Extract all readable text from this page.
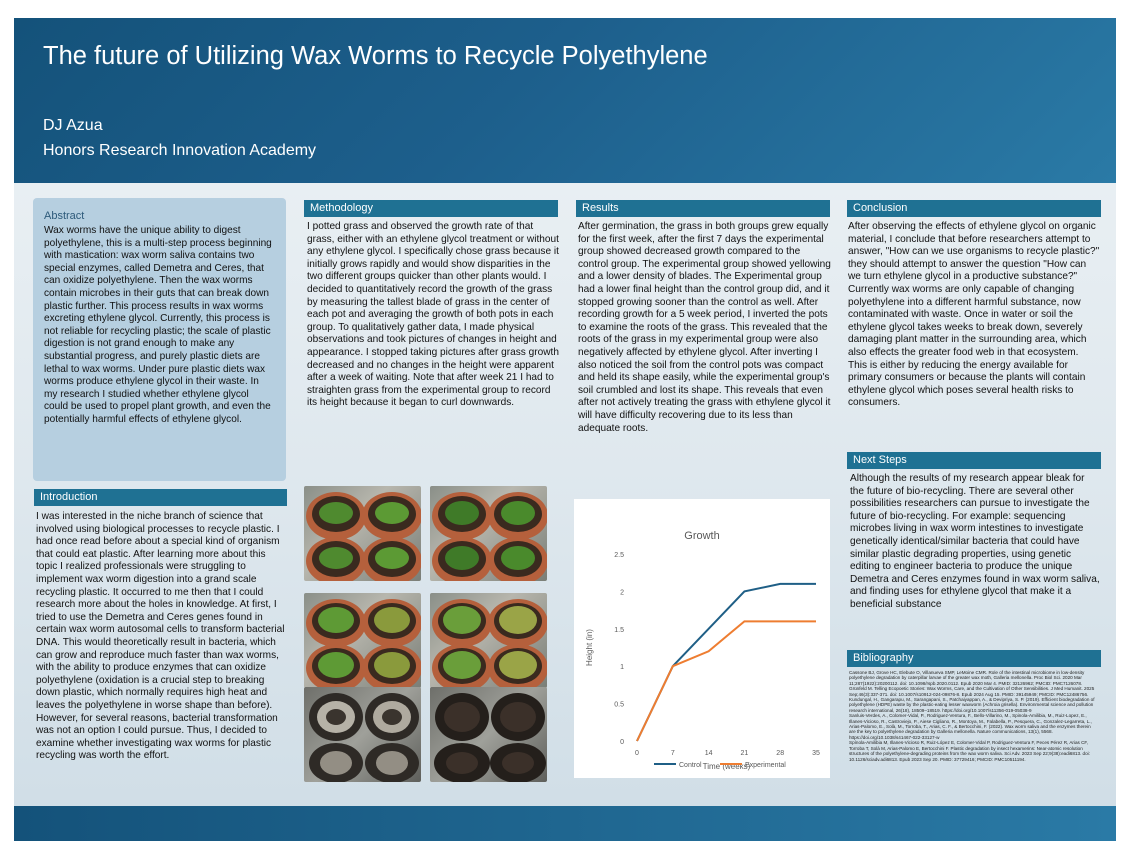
The future of Utilizing Wax Worms to Recycle Polyethylene
DJ Azua
Honors Research Innovation Academy
Abstract
Wax worms have the unique ability to digest polyethylene, this is a multi-step process beginning with mastication: wax worm saliva contains two special enzymes, called Demetra and Ceres, that can oxidize polyethylene. Then the wax worms contain microbes in their guts that can break down plastic further. This process results in wax worms excreting ethylene glycol. Currently, this process is not reliable for recycling plastic; the scale of plastic digestion is not grand enough to make any substantial progress, and purely plastic diets are lethal to wax worms. Under pure plastic diets wax worms produce ethylene glycol in their waste. In my research I studied whether ethylene glycol could be used to propel plant growth, and even the potentially harmful effects of ethylene glycol.
Methodology
I potted grass and observed the growth rate of that grass, either with an ethylene glycol treatment or without any ethylene glycol. I specifically chose grass because it initially grows rapidly and would show disparities in the two different groups quicker than other plants would. I decided to quantitatively record the growth of the grass by measuring the tallest blade of grass in the center of each pot and averaging the growth of both pots in each group. To qualitatively gather data, I made physical observations and took pictures of changes in height and appearance. I stopped taking pictures after grass growth decreased and no changes in the height were apparent after a week of waiting. Note that after week 21 I had to straighten grass from the experimental group to record its height because it began to curl downwards.
Results
After germination, the grass in both groups grew equally for the first week, after the first 7 days the experimental group showed decreased growth compared to the control group. The experimental group showed yellowing and a lower density of blades. The Experimental group had a lower final height than the control group did, and it stopped growing sooner than the control as well. After recording growth for a 5 week period, I inverted the pots to examine the roots of the grass. This revealed that the roots of the grass in my experimental group were also negatively affected by ethylene glycol. After inverting I also noticed the soil from the control pots was compact and held its shape easily, while the experimental group's soil crumbled and lost its shape. This reveals that even after not actively treating the grass with ethylene glycol it will have difficulty recovering due to its less than adequate roots.
Conclusion
After observing the effects of ethylene glycol on organic material, I conclude that before researchers attempt to answer, "How can we use organisms to recycle plastic?" they should attempt to answer the question "How can we turn ethylene glycol in a productive substance?" Currently wax worms are only capable of changing polyethylene into a different harmful substance, now contaminated with waste. Once in water or soil the ethylene glycol takes weeks to break down, severely damaging plant matter in the surrounding area, which also effects the greater food web in that ecosystem. This is either by reducing the energy available for primary consumers or because the plants will contain ethylene glycol which poses several health risks to consumers.
Introduction
I was interested in the niche branch of science that involved using biological processes to recycle plastic. I had once read before about a special kind of organism that could eat plastic. After learning more about this topic I realized professionals were struggling to implement wax worm digestion into a grand scale recycling plastic. It occurred to me then that I could research more about the holes in knowledge. At first, I tried to use the Demetra and Ceres genes found in certain wax worm autosomal cells to transform bacterial DNA. This would theoretically result in bacteria, which can grow and reproduce much faster than wax worms, with the ability to produce enzymes that can oxidize polyethylene (oxidation is a crucial step to breaking down plastic, which normally requires high heat and leaves the polyethylene in worse shape than before). However, for several reasons, bacterial transformation was not an option I could pursue. Thus, I decided to examine whether investigating wax worms for plastic recycling was worth the effort.
Next Steps
Although the results of my research appear bleak for the future of bio-recycling. There are several other possibilities researchers can pursue to investigate the future of bio-recycling. For example: sequencing microbes living in wax worm intestines to investigate genetically identical/similar bacteria that could have similar plastic degrading properties, using genetic editing to engineer bacteria to produce the unique Demetra and Ceres enzymes found in wax worm saliva, and finding uses for ethylene glycol that make it a beneficial substance
Bibliography
Cassone BJ, Grove HC, Elebute O, Villanueva SMP, LeMoine CMR. Role of the intestinal microbiome in low-density polyethylene degradation by caterpillar larvae of the greater wax moth, Galleria mellonella. Proc Biol Sci. 2020 Mar 11;287(1922):20200112. doi: 10.1098/rspb.2020.0112. Epub 2020 Mar 4. PMID: 32126962; PMCID: PMC7126078.
Grünfeld M. Telling Ecopoetic Stories: Wax Worms, Care, and the Cultivation of Other Sensibilities. J Med Humanit. 2025 Sep;46(3):337-371. doi: 10.1007/s10912-024-09876-8. Epub 2024 Aug 15. PMID: 39145949; PMCID: PMC12486756.
Kundungal, H., Gangarapu, M., Sarangapani, S., Patchaiyappan, A., & Devipriya, S. P. (2019). Efficient biodegradation of polyethylene (HDPE) waste by the plastic-eating lesser waxworm (Achroia grisella). Environmental science and pollution research international, 26(18), 18509–18519. https://doi.org/10.1007/s11356-019-05038-9
Sanluis-Verdes, A., Colomer-Vidal, P., Rodriguez-Ventura, F., Bello-Villarino, M., Spinola-Amilibia, M., Ruiz-Lopez, E., Illanes-Vicioso, R., Castroviejo, P., Aiese Cigliano, R., Montoya, M., Falabella, P., Pesquera, C., Gonzalez-Legarreta, L., Arias-Palomo, E., Solà, M., Torroba, T., Arias, C. F., & Bertocchini, F. (2022). Wax worm saliva and the enzymes therein are the key to polyethylene degradation by Galleria mellonella. Nature communications, 13(1), 5568. https://doi.org/10.1038/s41467-022-33127-w
Spínola-Amilibia M, Illanes-Vicioso R, Ruiz-López E, Colomer-Vidal P, Rodriguez-Ventura F, Peces Pérez R, Arias CF, Torroba T, Solà M, Arias-Palomo E, Bertocchini F. Plastic degradation by insect hexamerins: Near-atomic resolution structures of the polyethylene-degrading proteins from the wax worm saliva. Sci Adv. 2023 Sep 22;9(38):eadi6813. doi: 10.1126/sciadv.adi6813. Epub 2023 Sep 20. PMID: 37729416; PMCID: PMC10511194.
Growth
0
0.5
1
1.5
2
2.5
0	7	14	21	28	35
Time (weeks)
Height (in)
Control	Experimental
